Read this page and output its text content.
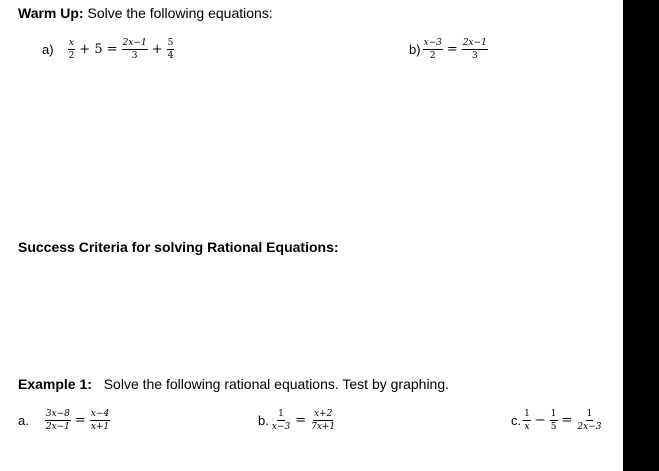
Warm Up: Solve the following equations:
$a) \frac{x}{2} + 5 = \frac{2x-1}{3} + \frac{5}{4}$	$b) \frac{x-3}{2} = \frac{2x-1}{3}$
Success Criteria for solving Rational Equations:
Example 1: Solve the following rational equations. Test by graphing.
a. $\frac{3x-8}{2x-1} = \frac{x-4}{x+1}$	b. $\frac{1}{x-3} = \frac{x+2}{7x+1}$	c. $\frac{1}{x} - \frac{1}{5} = \frac{1}{2x-3}$
